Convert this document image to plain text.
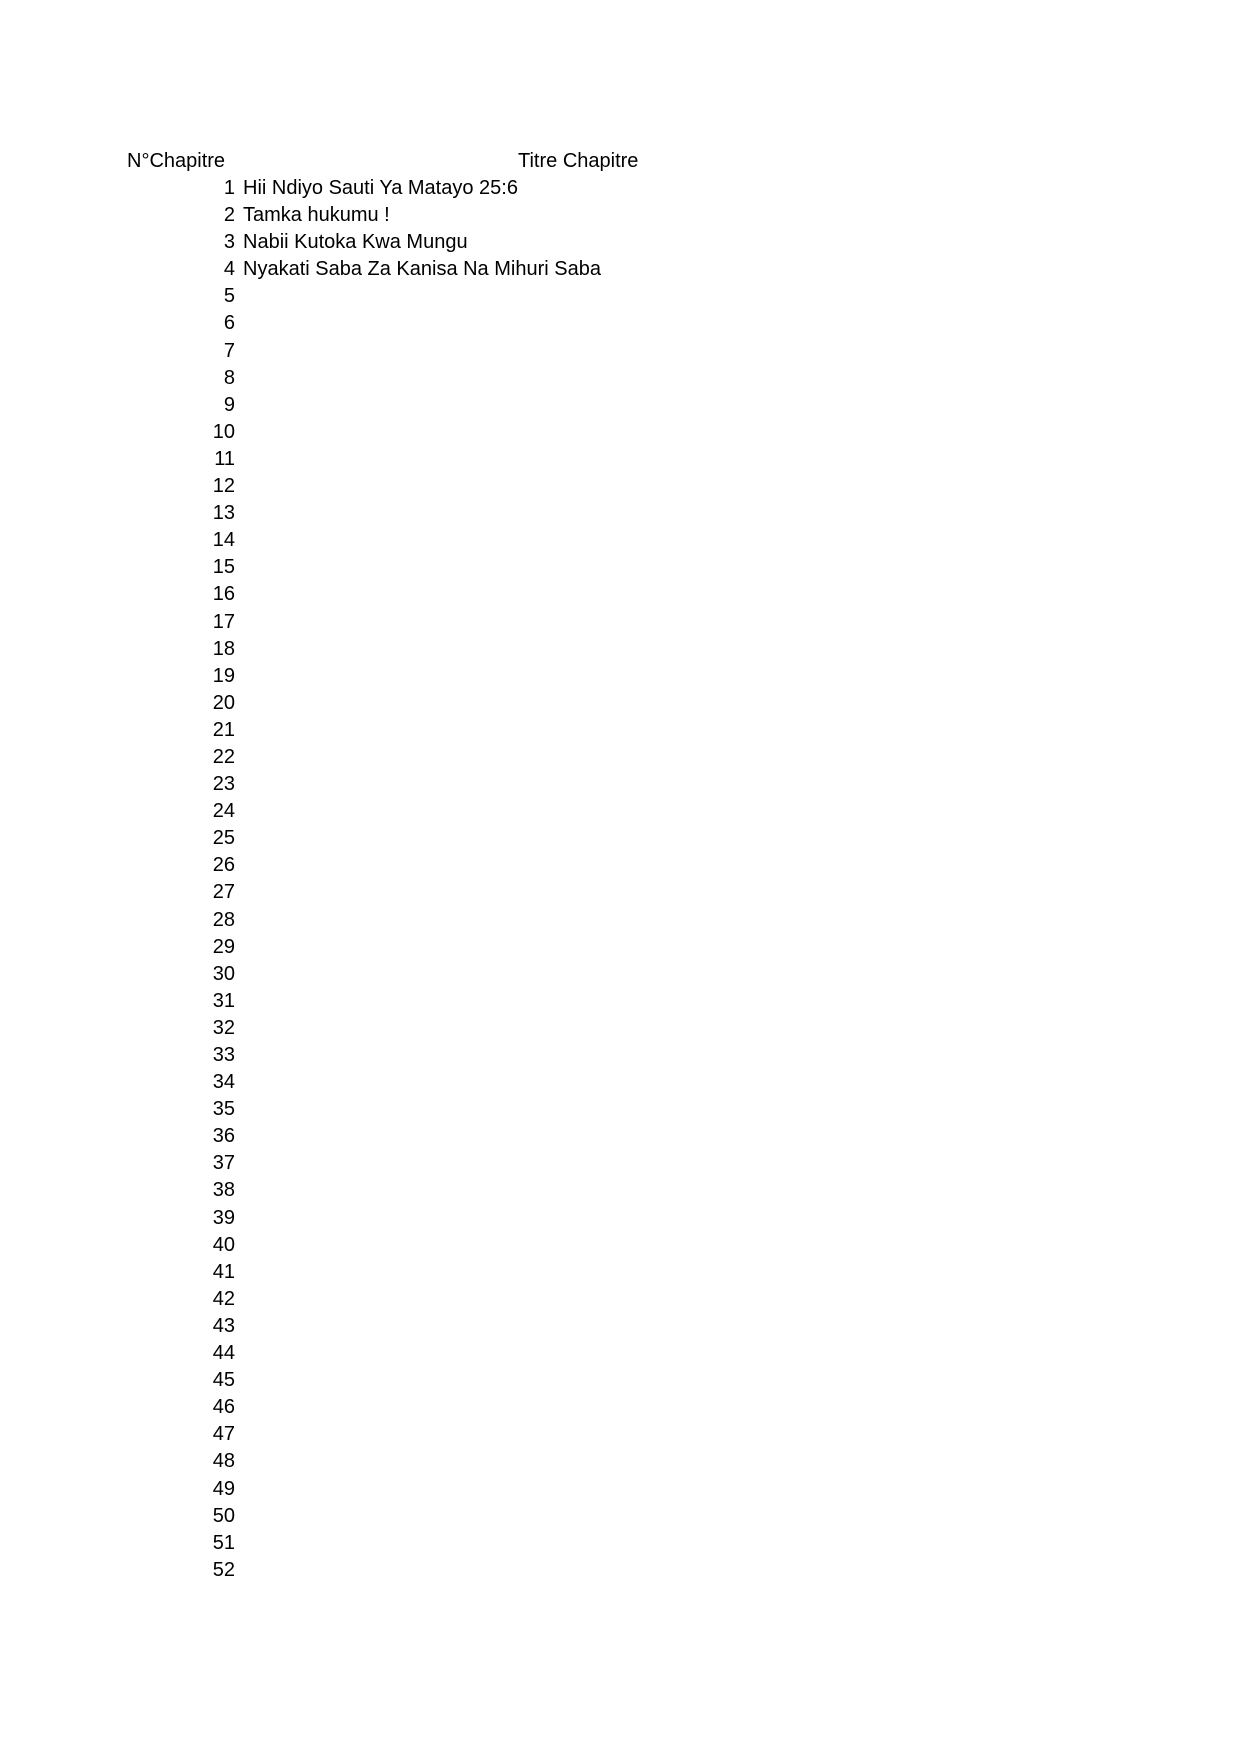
N°Chapitre	Titre Chapitre
1 Hii Ndiyo Sauti Ya Matayo 25:6
2 Tamka hukumu !
3 Nabii Kutoka Kwa Mungu
4 Nyakati Saba Za Kanisa Na Mihuri Saba
5
6
7
8
9
10
11
12
13
14
15
16
17
18
19
20
21
22
23
24
25
26
27
28
29
30
31
32
33
34
35
36
37
38
39
40
41
42
43
44
45
46
47
48
49
50
51
52
